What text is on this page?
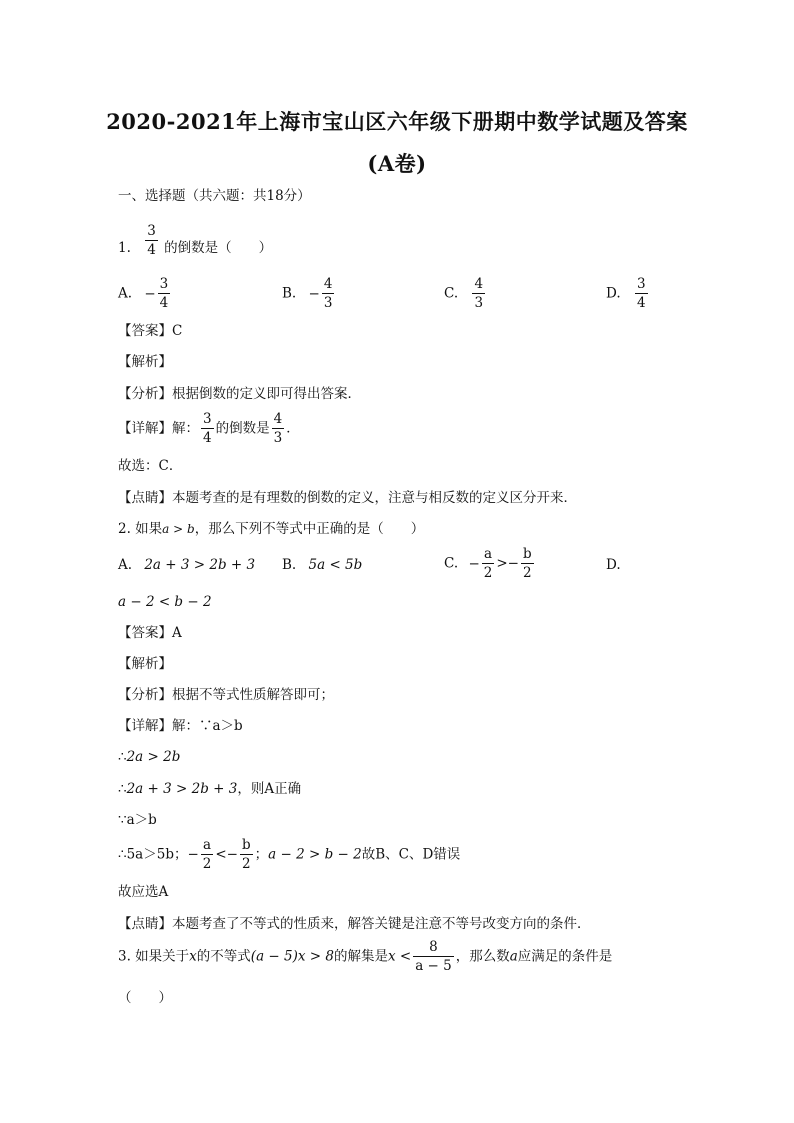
2020-2021年上海市宝山区六年级下册期中数学试题及答案
(A卷)
一、选择题（共六题：共18分）
1. $\frac{3}{4}$ 的倒数是（　　）
A. − $\frac{3}{4}$	B. − $\frac{4}{3}$	C. $\frac{4}{3}$	D. $\frac{3}{4}$
【答案】C
【解析】
【分析】根据倒数的定义即可得出答案．
【详解】解： $\frac{3}{4}$ 的倒数是 $\frac{4}{3}$ ．
故选：C．
【点睛】本题考查的是有理数的倒数的定义，注意与相反数的定义区分开来．
2. 如果a > b，那么下列不等式中正确的是（　　）
A. 2a + 3 > 2b + 3 B. 5a < 5b	C. − $\frac{a}{2} >- \frac{b}{2}$	D.
a − 2 < b − 2
【答案】A
【解析】
【分析】根据不等式性质解答即可；
【详解】解：∵a＞b
∴2a > 2b
∴2a + 3 > 2b + 3，则A正确
∵a＞b
∴5a＞5b；− $\frac{a}{2} <- \frac{b}{2}$ ；a − 2 > b − 2故B、C、D错误
故应选A
【点睛】本题考查了不等式的性质来，解答关键是注意不等号改变方向的条件．
3. 如果关于x的不等式(a − 5)x > 8的解集是$x < \frac{8}{a - 5}$ ，那么数a应满足的条件是
（　　）
